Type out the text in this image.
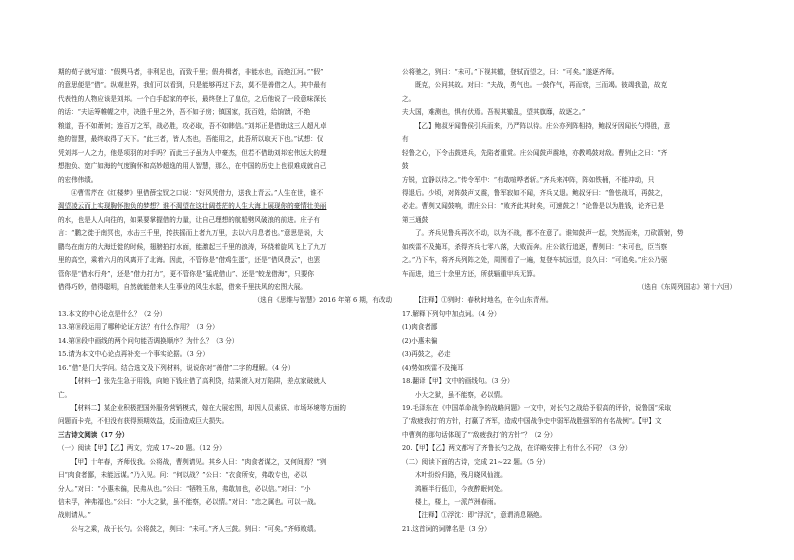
期的荀子就写道：“假舆马者，非利足也，而致千里；假舟楫者，非能水也，而绝江河。”“假”
的意思便是“借”。纵观世界，我们可以看到，只是能够再过下去，莫不是善借之人，其中最有
代表性的人物应该是刘邦。一个白手起家的亭长，最终登上了皇位，之后他说了一段意味深长
的话：“夫运筹帷幄之中，决胜千里之外，吾不如子房；镇国家，抚百姓，给饷馈，不绝
粮道，吾不如萧何；连百万之军，战必胜，攻必取，吾不如韩信。”刘邦正是借助这三人超凡卓
绝的智慧，最终取得了天下。“此三者，皆人杰也，吾能用之，此吾所以取天下也。”试想：仅
凭刘邦一人之力，他是项羽的对手吗？而此三子虽为人中豪杰，但若不借助刘邦宏伟远大的理
想抱负、宽广如海的气度胸怀和高妙超逸的用人智慧，那么，在中国的历史上也很难成就自己
的宏伟伟绩。
④曹雪芹在《红楼梦》里借薛宝钗之口说：“好风凭借力，送我上青云。”人生在世，谁不
渴望凌云而上实现胸怀抱负的梦想？谁不渴望在这壮阔苍茫的人生大海上展现你的豪情壮美丽
的水，也是人人向往的，如果要掌握借的力量，让自己理想的航船劈风破浪的前进。庄子有
言：“鹏之徙于南冥也，水击三千里，抟扶摇而上者九万里，去以六月息者也。”意思是说，大
鹏鸟在南方的大海迁徙的时候，翅膀拍打水面，能激起三千里的浪涛，环绕着旋风飞上了九万
里的高空，乘着六月的风离开了北海。因此，不管你是“借鸡生蛋”，还是“借风费云”，也罢
管你是“借水行舟”，还是“借力打力”，更不管你是“猛虎借山”、还是“蛟龙借海”，只要你
借得巧妙，借得聪明，自然就能借来人生事业的风生水起，借来千里扶风的宏图大展。
（选自《思维与智慧》2016 年第 6 期，有改动
13.本文的中心论点是什么？（2 分）
13.第⑩段运用了哪种论证方法？有什么作用？（3 分）
14.第⑩段中画线的两个问句能否调换顺序？为什么？（3 分）
15.请为本文中心论点再补充一个事实论据。（3 分）
16.“借”是门大学问。结合选文及下列材料，说说你对“善借”二字的理解。（4 分）
【材料一】张先生急于用钱，向她下钱庄借了高利贷，结果滚入对万陷阱，差点家破就人
亡。
【材料二】某企业积极把国外服务营销模式，嫁在大展宏图，却因人员素质、市场环境等方面的
问题而卡壳，不但没有获得预期效益，反而造成巨大损失。
三古诗文阅读（17 分）
（一）阅读【甲】【乙】两文，完成 17~20 题。（12 分）
【甲】十年春，齐师伐我。公将战，曹刿请见。其乡人曰：“肉食者谋之，又何间焉？”刿
曰“肉食者鄙，未能远谋。”乃入见。问：“何以战？”公曰：“衣食所安，弗敢专也，必以
分人。”对曰：“小惠未徧，民弗从也。”公曰：“牺牲玉帛，弗敢加也，必以信。”对曰：“小
信未孚，神弗福也。”公曰：“小大之狱，虽不能察，必以情。”对曰：“忠之属也。可以一战。
战则请从。”
公与之乘，战于长勺。公将鼓之，刿曰：“未可。”齐人三鼓。刿曰：“可矣。”齐师败绩。
公将驰之，刿曰：“未可。”下视其辙，登轼而望之，曰：“可矣。”遂逐齐师。
既克，公问其故。对曰：“夫战，勇气也。一鼓作气，再而衰，三而竭。彼竭我盈，故克
之。
夫大国，难测也，惧有伏焉。吾视其辙乱，望其旗靡，故逐之。”
【乙】鲍叔牙闻鲁侯引兵而来，乃严阵以待。庄公亦列阵相持，鲍叔牙因闻长勺得胜，意
有
轻鲁之心，下令击鼓进兵，先陷者重赏。庄公闻鼓声震地，亦教鸣鼓对敌。曹刿止之曰：“齐
鼓
方锐，宜静以待之。”传令军中：“有敢喧哗者斩。”齐兵来冲阵，阵如铁桶，不能冲动，只
得退后。少顷，对阵鼓声又震，鲁军寂如不闻，齐兵又退。鲍叔牙曰：“鲁怯战耳，再鼓之，
必走。曹刿又闻鼓响，谓庄公曰：“败齐此其时矣，可速鼓之！”论鲁是以为胜钱，论齐已是
第三通鼓
了。齐兵见鲁兵再次不动，以为不战，都不在意了。谁知鼓声一起，突然而来，刀砍箭射，势
如疾雷不及掩耳，杀得齐兵七零八落，大败而奔。庄公欲行追逐，曹刿曰：“未可也，臣当察
之。”乃下车，将齐兵列阵之处，周围看了一遍，复登车轼远望，良久曰：“可追矣。”庄公乃驱
车而进，追三十余里方还，所获辎重甲兵无算。
（选自《东周列国志》第十六回）
【注释】①刿时：春秋时地名，在今山东青州。
17.解释下列句中加点词。（4 分）
(1)肉食者鄙
(2)小惠未徧
(3)再鼓之，必走
(4)势如疾雷不及掩耳
18.翻译【甲】文中的画线句。（3 分）
小大之狱，虽不能察，必以情。
19.毛泽东在《中国革命战争的战略问题》一文中，对长勺之战给予很高的评价，说鲁国“采取
了‘敌疲我打’的方针，打赢了齐军，造成中国战争史中弱军战胜强军的有名战例”。【甲】文
中曹刿的那句话体现了“‘敌疲我打’的方针”？（2 分）
20.【甲】【乙】两文都写了齐鲁长勺之战，在详略安排上有什么不同？（3 分）
（二）阅读下面的古诗，完成 21~22 题。（5 分）
木叶纷纷归路，残月晓风仙渡。
鸿雁半行低①，今夜醉眠何处。
楼上，楼上，一派芦洲春雨。
【注释】①浮沈：即“浮沉”，意谓消息隔绝。
21.这首词的词牌名是（3 分）
